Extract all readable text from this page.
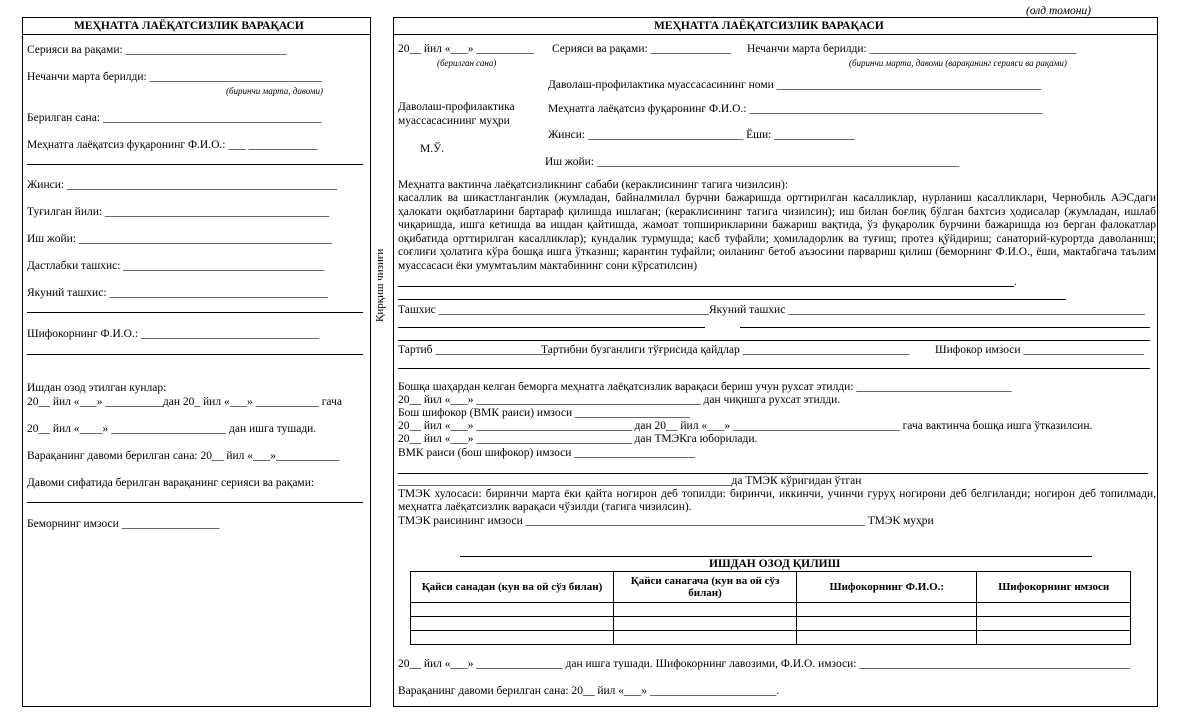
(олд томони)
МЕҲНАТГА ЛАЁҚАТСИЗЛИК ВАРАҚАСИ
Серияси ва рақами: ____________________________
Нечанчи марта берилди: ______________________________
(биринчи марта, давоми)
Берилган сана: ______________________________________
Меҳнатга лаёқатсиз фуқаронинг Ф.И.О.: ___ ____________
Жинси: _______________________________________________
Туғилган йили: _______________________________________
Иш жойи: ____________________________________________
Дастлабки ташхис: ___________________________________
Якуний ташхис: ______________________________________
Шифокорнинг Ф.И.О.: _______________________________
Ишдан озод этилган кунлар:
20__ йил «___» __________дан 20_ йил «___» ___________ гача
20__ йил «____» ____________________ дан ишга тушади.
Варақанинг давоми берилган сана: 20__ йил «___»___________
Давоми сифатида берилган варақанинг серияси ва рақами:
Беморнинг имзоси _________________
Қирқиш чизиғи
МЕҲНАТГА ЛАЁҚАТСИЗЛИК ВАРАҚАСИ
20__ йил «___» __________
(берилган сана)
Серияси ва рақами: ______________ Нечанчи марта берилди: ____________________________________
(биринчи марта, давоми (варақанинг серияси ва рақами)
Даволаш-профилактика муассасасининг номи ______________________________________________
Даволаш-профилактика
муассасасининг муҳри
Меҳнатга лаёқатсиз фуқаронинг Ф.И.О.: ___________________________________________________
Жинси: ___________________________ Ёши: ______________
М.Ў.
Иш жойи: _______________________________________________________________
Меҳнатга вактинча лаёқатсизликнинг сабаби (кераклисининг тагига чизилсин):
касаллик ва шикастланганлик (жумладан, байналмилал бурчни бажаришда орттирилган касалликлар, нурланиш касалликлари, Чернобиль АЭСдаги ҳалокати оқибатларини бартараф қилишда ишлаган; (кераклисининг тагига чизилсин); иш билан боғлиқ бўлган бахтсиз ҳодисалар (жумладан, ишлаб чиқаришда, ишга кетишда ва ишдан қайтишда, жамоат топширикларини бажариш вақтида, ўз фуқаролик бурчини бажаришда юз берган фалокатлар оқибатида орттирилган касалликлар); кундалик турмушда; касб туфайли; ҳомиладорлик ва туғиш; протез қўйдириш; санаторий-курортда даволаниш; соғлиғи ҳолатига кўра бошқа ишга ўтказиш; карантин туфайли; оиланинг бетоб аъзосини парвариш қилиш (беморнинг Ф.И.О., ёши, мактабгача таълим муассасаси ёки умумтаълим мактабининг сони кўрсатилсин)
.
Ташхис _______________________________________________ Якуний ташхис ______________________________________________________________
Тартиб ____________________
Тартибни бузганлиги тўғрисида қайдлар _____________________________ Шифокор имзоси _____________________
Бошқа шаҳардан келган беморга меҳнатга лаёқатсизлик варақаси бериш учун рухсат этилди: ___________________________
20__ йил «___» _______________________________________ дан чиқишга рухсат этилди.
Бош шифокор (ВМК раиси) имзоси ____________________
20__ йил «___» ___________________________ дан 20__ йил «___» _____________________________ гача вактинча бошқа ишга ўтказилсин.
20__ йил «___» ___________________________ дан ТМЭКга юборилади.
ВМК раиси (бош шифокор) имзоси _____________________
__________________________________________________________да ТМЭК кўригидан ўтган
ТМЭК хулосаси: биринчи марта ёки қайта ногирон деб топилди: биринчи, иккинчи, учинчи гуруҳ ногирони деб белгиланди; ногирон деб топилмади, меҳнатга лаёқатсизлик варақаси чўзилди (тагига чизилсин).
ТМЭК раисининг имзоси ___________________________________________________________ ТМЭК муҳри
ИШДАН ОЗОД ҚИЛИШ
Қайси санадан (кун ва ой сўз билан)	Қайси санагача (кун ва ой сўз билан)	Шифокорнинг Ф.И.О.:	Шифокорнинг имзоси

20__ йил «___» _______________ дан ишга тушади. Шифокорнинг лавозими, Ф.И.О. имзоси: _______________________________________________
Варақанинг давоми берилган сана: 20__ йил «___» ______________________.
